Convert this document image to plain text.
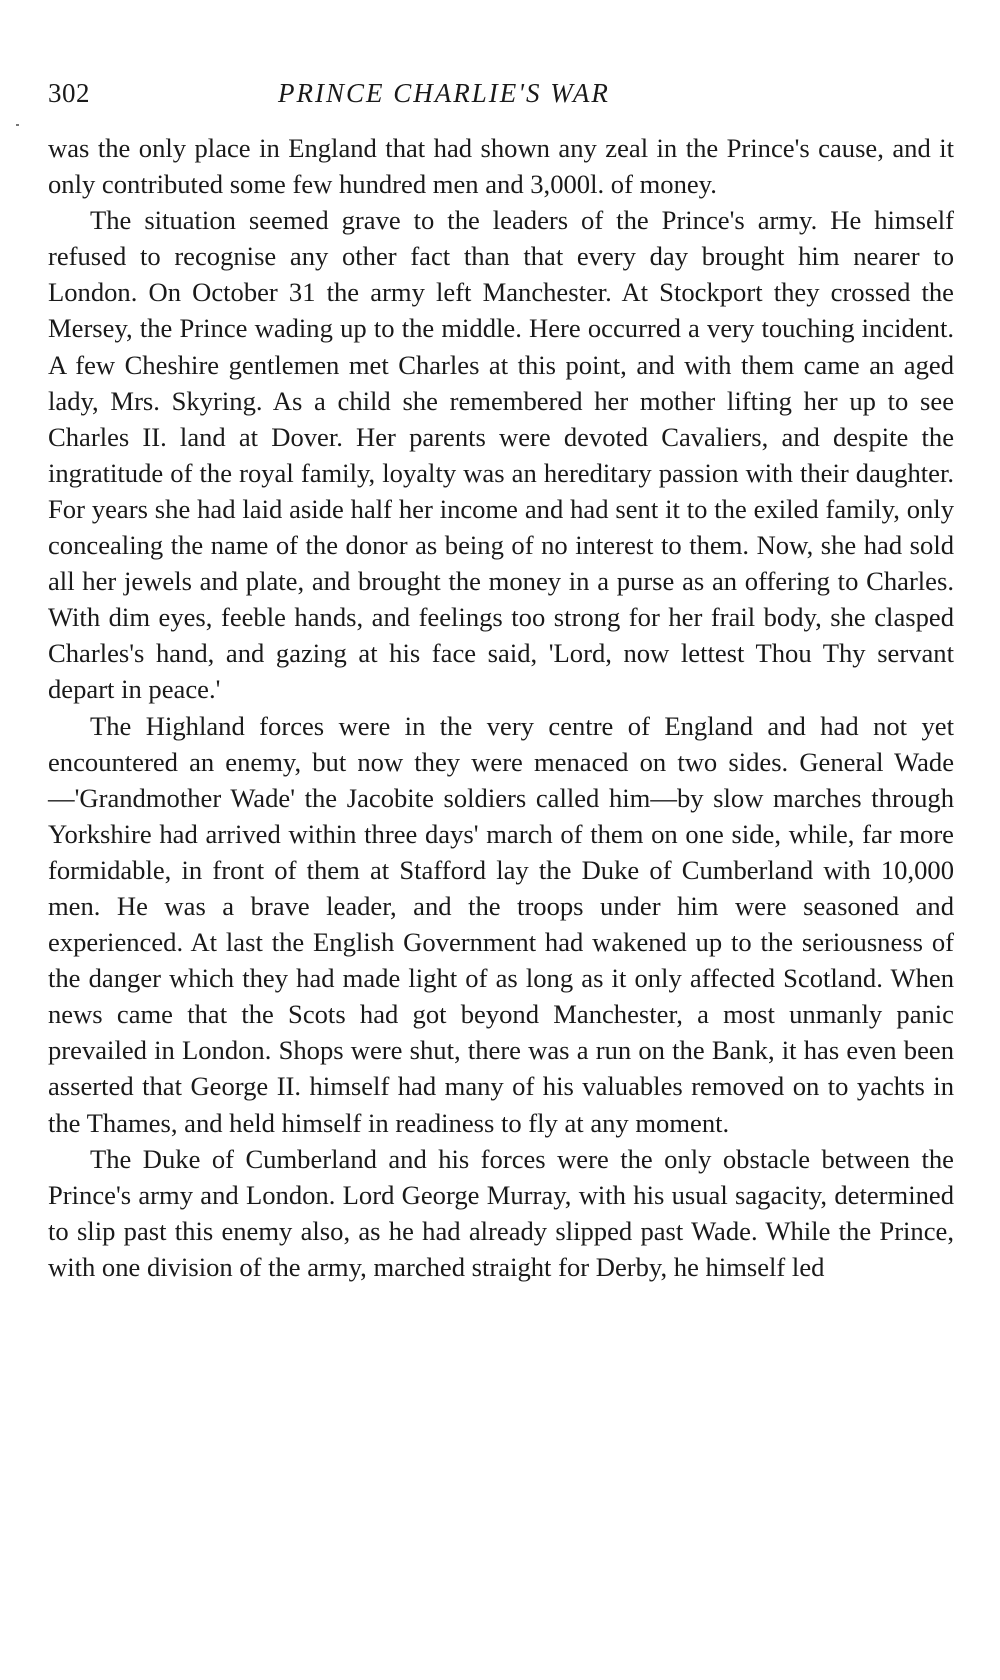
302	PRINCE CHARLIE'S WAR

was the only place in England that had shown any zeal in the Prince's cause, and it only contributed some few hundred men and 3,000l. of money.

The situation seemed grave to the leaders of the Prince's army. He himself refused to recognise any other fact than that every day brought him nearer to London. On October 31 the army left Manchester. At Stockport they crossed the Mersey, the Prince wading up to the middle. Here occurred a very touching incident. A few Cheshire gentlemen met Charles at this point, and with them came an aged lady, Mrs. Skyring. As a child she remembered her mother lifting her up to see Charles II. land at Dover. Her parents were devoted Cavaliers, and despite the ingratitude of the royal family, loyalty was an hereditary passion with their daughter. For years she had laid aside half her income and had sent it to the exiled family, only concealing the name of the donor as being of no interest to them. Now, she had sold all her jewels and plate, and brought the money in a purse as an offering to Charles. With dim eyes, feeble hands, and feelings too strong for her frail body, she clasped Charles's hand, and gazing at his face said, 'Lord, now lettest Thou Thy servant depart in peace.'

The Highland forces were in the very centre of England and had not yet encountered an enemy, but now they were menaced on two sides. General Wade—'Grandmother Wade' the Jacobite soldiers called him—by slow marches through Yorkshire had arrived within three days' march of them on one side, while, far more formidable, in front of them at Stafford lay the Duke of Cumberland with 10,000 men. He was a brave leader, and the troops under him were seasoned and experienced. At last the English Government had wakened up to the seriousness of the danger which they had made light of as long as it only affected Scotland. When news came that the Scots had got beyond Manchester, a most unmanly panic prevailed in London. Shops were shut, there was a run on the Bank, it has even been asserted that George II. himself had many of his valuables removed on to yachts in the Thames, and held himself in readiness to fly at any moment.

The Duke of Cumberland and his forces were the only obstacle between the Prince's army and London. Lord George Murray, with his usual sagacity, determined to slip past this enemy also, as he had already slipped past Wade. While the Prince, with one division of the army, marched straight for Derby, he himself led
